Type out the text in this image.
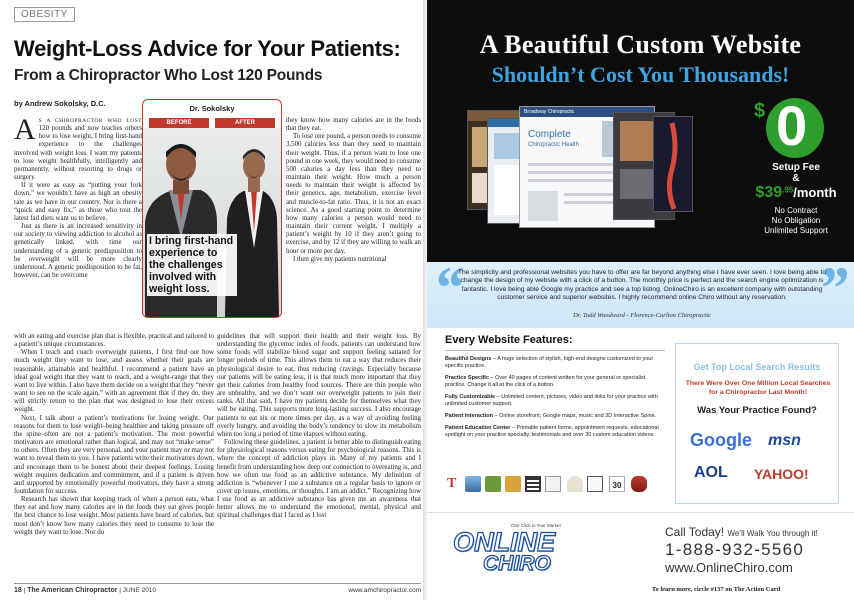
OBESITY
Weight-Loss Advice for Your Patients:
From a Chiropractor Who Lost 120 Pounds
by Andrew Sokolsky, D.C.

A S A CHIROPRACTOR WHO LOST 120 pounds and now teaches others how to lose weight, I bring first-hand experience to the challenges involved with weight loss. I want my patients to lose weight healthfully, intelligently and permanently, without resorting to drugs or surgery.

If it were as easy as “putting your fork down,” we wouldn’t have as high an obesity rate as we have in our country. Nor is there a “quick and easy fix,” as those who tout the latest fad diets want us to believe.

Just as there is an increased sensitivity in our society to viewing addiction to alcohol as genetically linked, with time our understanding of a genetic predisposition to be overweight will be more clearly understood. A genetic predisposition to be fat, however, can be overcome

Dr. Sokolsky
BEFORE	AFTER
I bring first-hand experience to the challenges involved with weight loss.

they know how many calories are in the foods that they eat.

To lose one pound, a person needs to consume 3,500 calories less than they need to maintain their weight. Thus, if a person want to lose one pound in one week, they would need to consume 500 calories a day less than they need to maintain their weight. How much a person needs to maintain their weight is affected by their genetics, age, metabolism, exercise level and muscle-to-fat ratio. Thus, it is not an exact science. As a good starting point to determine how many calories a person would need to maintain their current weight, I multiply a patient’s weight by 10 if they aren’t going to exercise, and by 12 if they are willing to walk an hour or more per day.

I then give my patients nutritional

with an eating and exercise plan that is flexible, practical and tailored to a patient’s unique circumstances.

When I teach and coach overweight patients, I first find out how much weight they want to lose, and assess whether their goals are reasonable, attainable and healthful. I recommend a patient have an ideal goal weight that they want to reach, and a weight-range that they want to live within. I also have them decide on a weight that they “never want to see on the scale again,” with an agreement that if they do, they will strictly return to the plan that was designed to lose their excess weight.

Next, I talk about a patient’s motivations for losing weight. Our reasons for them to lose weight–being healthier and taking pressure off the spine–often are not a patient’s motivation. The most powerful motivators are emotional rather than logical, and may not “make sense” to others. Often they are very personal, and your patient may or may not want to reveal them to you. I have patients write their motivators down, and encourage them to be honest about their deepest feelings. Losing weight requires dedication and commitment, and if a patient is driven and supported by emotionally powerful motivators, they have a strong foundation for success.

Research has shown that keeping track of when a person eats, what they eat and how many calories are in the foods they eat gives people the best chance to lose weight. Most patients have heard of calories, but most don’t know how many calories they need to consume to lose the weight they want to lose. Nor do

guidelines that will support their health and their weight loss. By understanding the glycemic index of foods, patients can understand how some foods will stabilize blood sugar and support feeling satiated for longer periods of time. This allows them to eat a way that reduces their physiological desire to eat, thus reducing cravings. Especially because our patients will be eating less, it is that much more important that they get their calories from healthy food sources. There are thin people who are unhealthy, and we don’t want our overweight patients to join their ranks. All that said, I have my patients decide for themselves what they will be eating. This supports more long-lasting success. I also encourage patients to eat six or more times per day, as a way of avoiding feeling overly hungry, and avoiding the body’s tendency to slow its metabolism when too long a period of time elapses without eating.

Following these guidelines, a patient is better able to distinguish eating for physiological reasons versus eating for psychological reasons. This is where the concept of addiction plays in. Many of my patients and I benefit from understanding how deep our connection to overeating is, and how we often use food as an addictive substance. My definition of addiction is “whenever I use a substance on a regular basis to ignore or cover up issues, emotions, or thoughts, I am an addict.” Recognizing how I use food as an addictive substance has given me an awareness that better allows me to understand the emotional, mental, physical and spiritual challenges that I faced as I lost

18 | The American Chiropractor | JUNE 2010	www.amchiropractor.com
A Beautiful Custom Website
Shouldn’t Cost You Thousands!
Broadway Chiropractic
Complete
Chiropractic Health
$ 0
Setup Fee
&
$\$39^{.95}$/month
No Contract
No Obligation
Unlimited Support
“	”
The simplicity and professional websites you have to offer are far beyond anything else I have ever seen. I love being able to change the design of my website with a click of a button. The monthly price is perfect and the search engine optimization is fantastic. I love being able Google my practice and see a top listing. OnlineChiro is an excellent company with outstanding customer service and superior websites. I highly recommend online Chiro without any reservation.
Dr. Todd Woodward - Florence-Carlton Chiropractic
Every Website Features:
Beautiful Designs – A huge selection of stylish, high-end designs customized to your specific practice.
Practice Specific – Over 40 pages of content written for your general or specialist practice. Change it all at the click of a button.
Fully Customizable – Unlimited content, pictures, video and links for your practice with unlimited customer support.
Patient Interaction – Online storefront, Google maps, music and 3D Interactive Spine.
Patient Education Center – Printable patient forms, appointment requests, educational spotlight on your practice specialty, testimonials and over 30 custom education videos.
T	30
Get Top Local Search Results
There Were Over One Million Local Searches for a Chiropractor Last Month!
Was Your Practice Found?
Google msn
AOL YAHOO!
One Click to Your Market
ONLINE
CHIRO
Call Today! We’ll Walk You through it!
1-888-932-5560
www.OnlineChiro.com
To learn more, circle #137 on The Action Card
